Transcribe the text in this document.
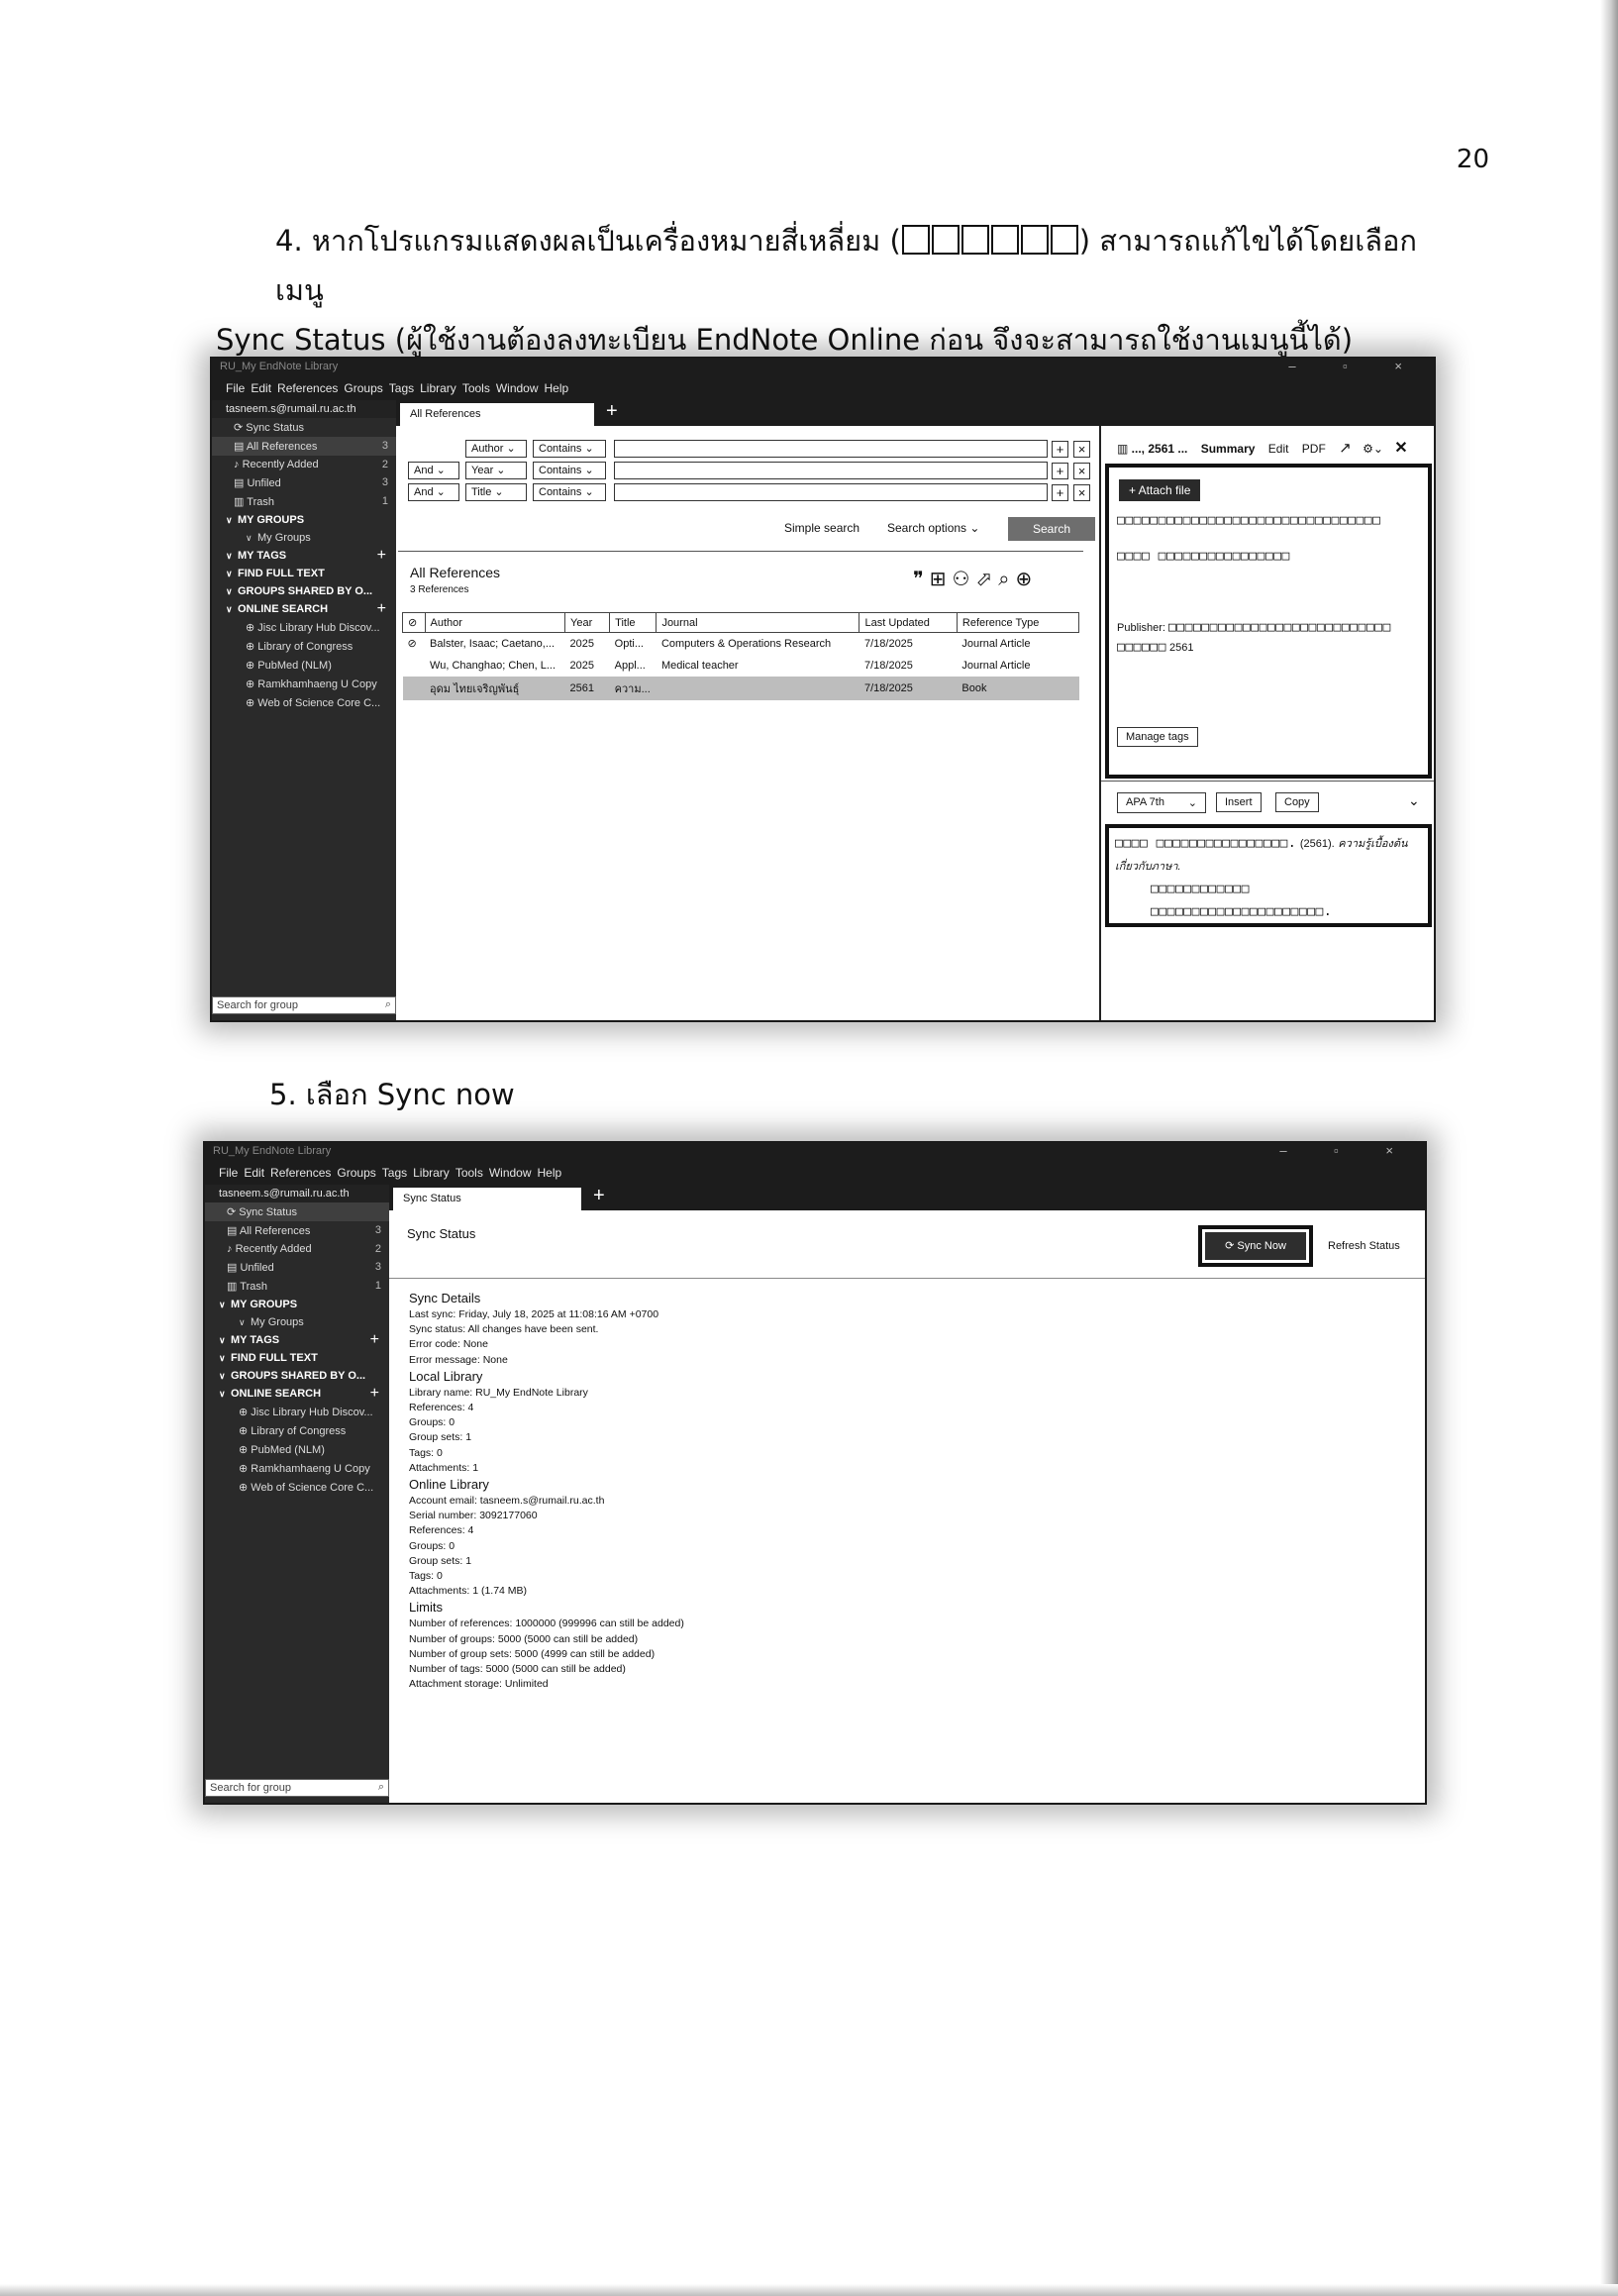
20
4. หากโปรแกรมแสดงผลเป็นเครื่องหมายสี่เหลี่ยม (	) สามารถแก้ไขได้โดยเลือกเมนู
Sync Status (ผู้ใช้งานต้องลงทะเบียน EndNote Online ก่อน จึงจะสามารถใช้งานเมนูนี้ได้)
RU_My EndNote Library	– ▫ ×
File Edit References Groups Tags Library Tools Window Help
tasneem.s@rumail.ru.ac.th
⟳ Sync Status
▤ All References	3
♪ Recently Added	2
▤ Unfiled	3
▥ Trash	1
∨ MY GROUPS
∨ My Groups
∨ MY TAGS	+
∨ FIND FULL TEXT
∨ GROUPS SHARED BY O...
∨ ONLINE SEARCH	+
⊕ Jisc Library Hub Discov...
⊕ Library of Congress
⊕ PubMed (NLM)
⊕ Ramkhamhaeng U Copy
⊕ Web of Science Core C...
Search for group	⌕
All References	+
Author ⌄	Contains ⌄	+	×
And ⌄	Year ⌄	Contains ⌄	+	×
And ⌄	Title ⌄	Contains ⌄	+	×
Simple search Search options ⌄	Search
All References
3 References	❞⊞⚇⬀⌕⊕
⊘	Author	Year	Title	Journal	Last Updated	Reference Type
⊘	Balster, Isaac; Caetano,...	2025	Opti...	Computers & Operations Research	7/18/2025	Journal Article
	Wu, Changhao; Chen, L...	2025	Appl...	Medical teacher	7/18/2025	Journal Article
	อุดม ไทยเจริญพันธุ์	2561	ความ...		7/18/2025	Book
▥ ..., 2561 ... Summary Edit PDF ↗ ⚙⌄ ✕
+ Attach file
□□□□□□□□□□□□□□□□□□□□□□□□□□□□□□□□
□□□□ □□□□□□□□□□□□□□□□
Publisher: □□□□□□□□□□□□□□□□□□□□□□□□□□□
□□□□□□ 2561
Manage tags
APA 7th ⌄	Insert	Copy	⌄
□□□□ □□□□□□□□□□□□□□□□. (2561). ความรู้เบื้องต้นเกี่ยวกับภาษา.
□□□□□□□□□□□□
□□□□□□□□□□□□□□□□□□□□□.
5. เลือก Sync now
RU_My EndNote Library	– ▫ ×
File Edit References Groups Tags Library Tools Window Help
tasneem.s@rumail.ru.ac.th
⟳ Sync Status
▤ All References	3
♪ Recently Added	2
▤ Unfiled	3
▥ Trash	1
∨ MY GROUPS
∨ My Groups
∨ MY TAGS	+
∨ FIND FULL TEXT
∨ GROUPS SHARED BY O...
∨ ONLINE SEARCH	+
⊕ Jisc Library Hub Discov...
⊕ Library of Congress
⊕ PubMed (NLM)
⊕ Ramkhamhaeng U Copy
⊕ Web of Science Core C...
Search for group	⌕
Sync Status	+
Sync Status
⟳ Sync Now	Refresh Status
Sync Details
Last sync: Friday, July 18, 2025 at 11:08:16 AM +0700
Sync status: All changes have been sent.
Error code: None
Error message: None
Local Library
Library name: RU_My EndNote Library
References: 4
Groups: 0
Group sets: 1
Tags: 0
Attachments: 1
Online Library
Account email: tasneem.s@rumail.ru.ac.th
Serial number: 3092177060
References: 4
Groups: 0
Group sets: 1
Tags: 0
Attachments: 1 (1.74 MB)
Limits
Number of references: 1000000 (999996 can still be added)
Number of groups: 5000 (5000 can still be added)
Number of group sets: 5000 (4999 can still be added)
Number of tags: 5000 (5000 can still be added)
Attachment storage: Unlimited
